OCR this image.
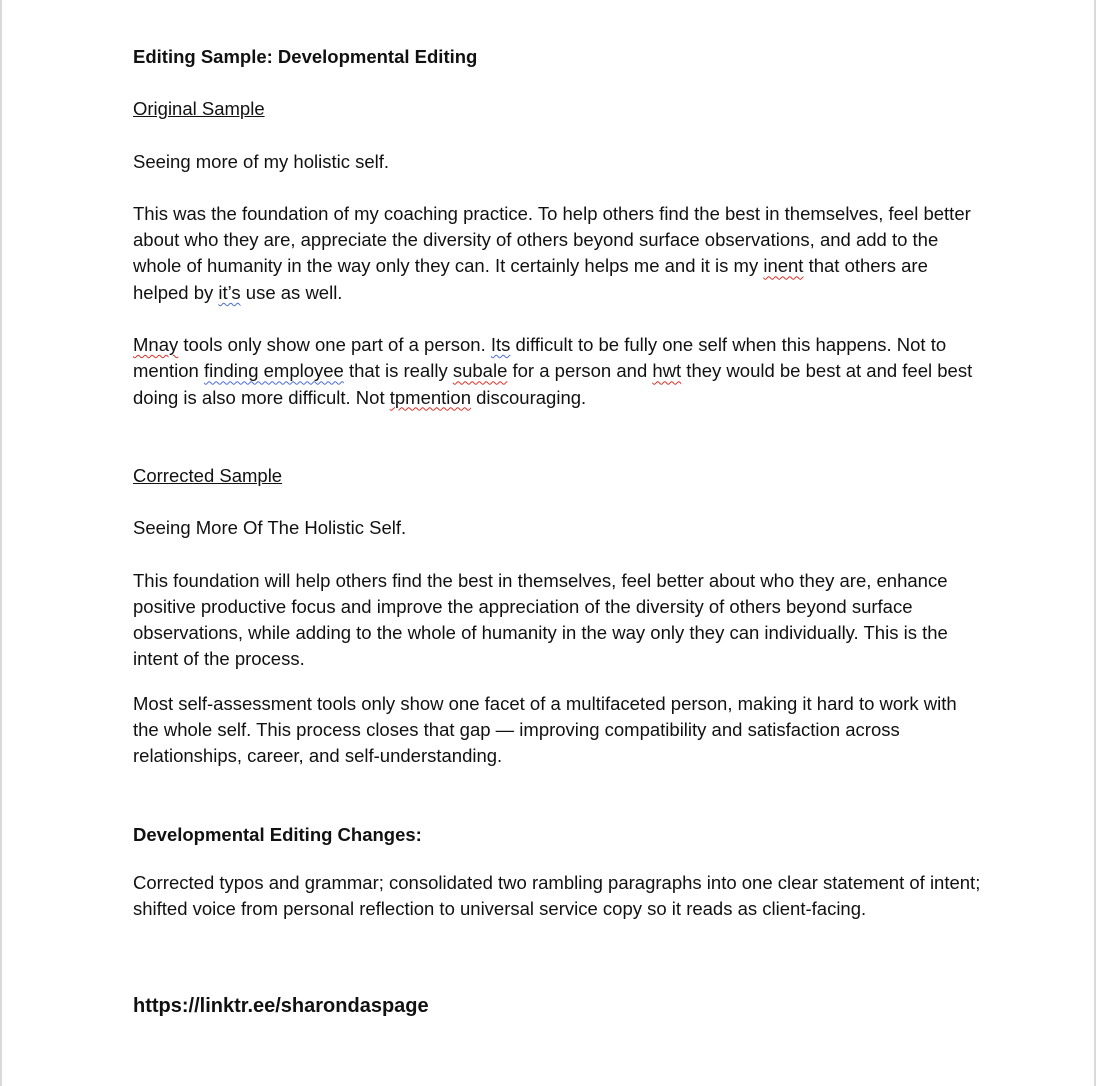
Editing Sample: Developmental Editing
Original Sample

Seeing more of my holistic self.

This was the foundation of my coaching practice. To help others find the best in themselves, feel better about who they are, appreciate the diversity of others beyond surface observations, and add to the whole of humanity in the way only they can. It certainly helps me and it is my inent that others are helped by it’s use as well.

Mnay tools only show one part of a person. Its difficult to be fully one self when this happens. Not to mention finding employee that is really subale for a person and hwt they would be best at and feel best doing is also more difficult. Not tpmention discouraging.

Corrected Sample

Seeing More Of The Holistic Self.

This foundation will help others find the best in themselves, feel better about who they are, enhance positive productive focus and improve the appreciation of the diversity of others beyond surface observations, while adding to the whole of humanity in the way only they can individually. This is the intent of the process.

Most self-assessment tools only show one facet of a multifaceted person, making it hard to work with the whole self. This process closes that gap — improving compatibility and satisfaction across relationships, career, and self-understanding.

Developmental Editing Changes:

Corrected typos and grammar; consolidated two rambling paragraphs into one clear statement of intent; shifted voice from personal reflection to universal service copy so it reads as client-facing.

https://linktr.ee/sharondaspage
